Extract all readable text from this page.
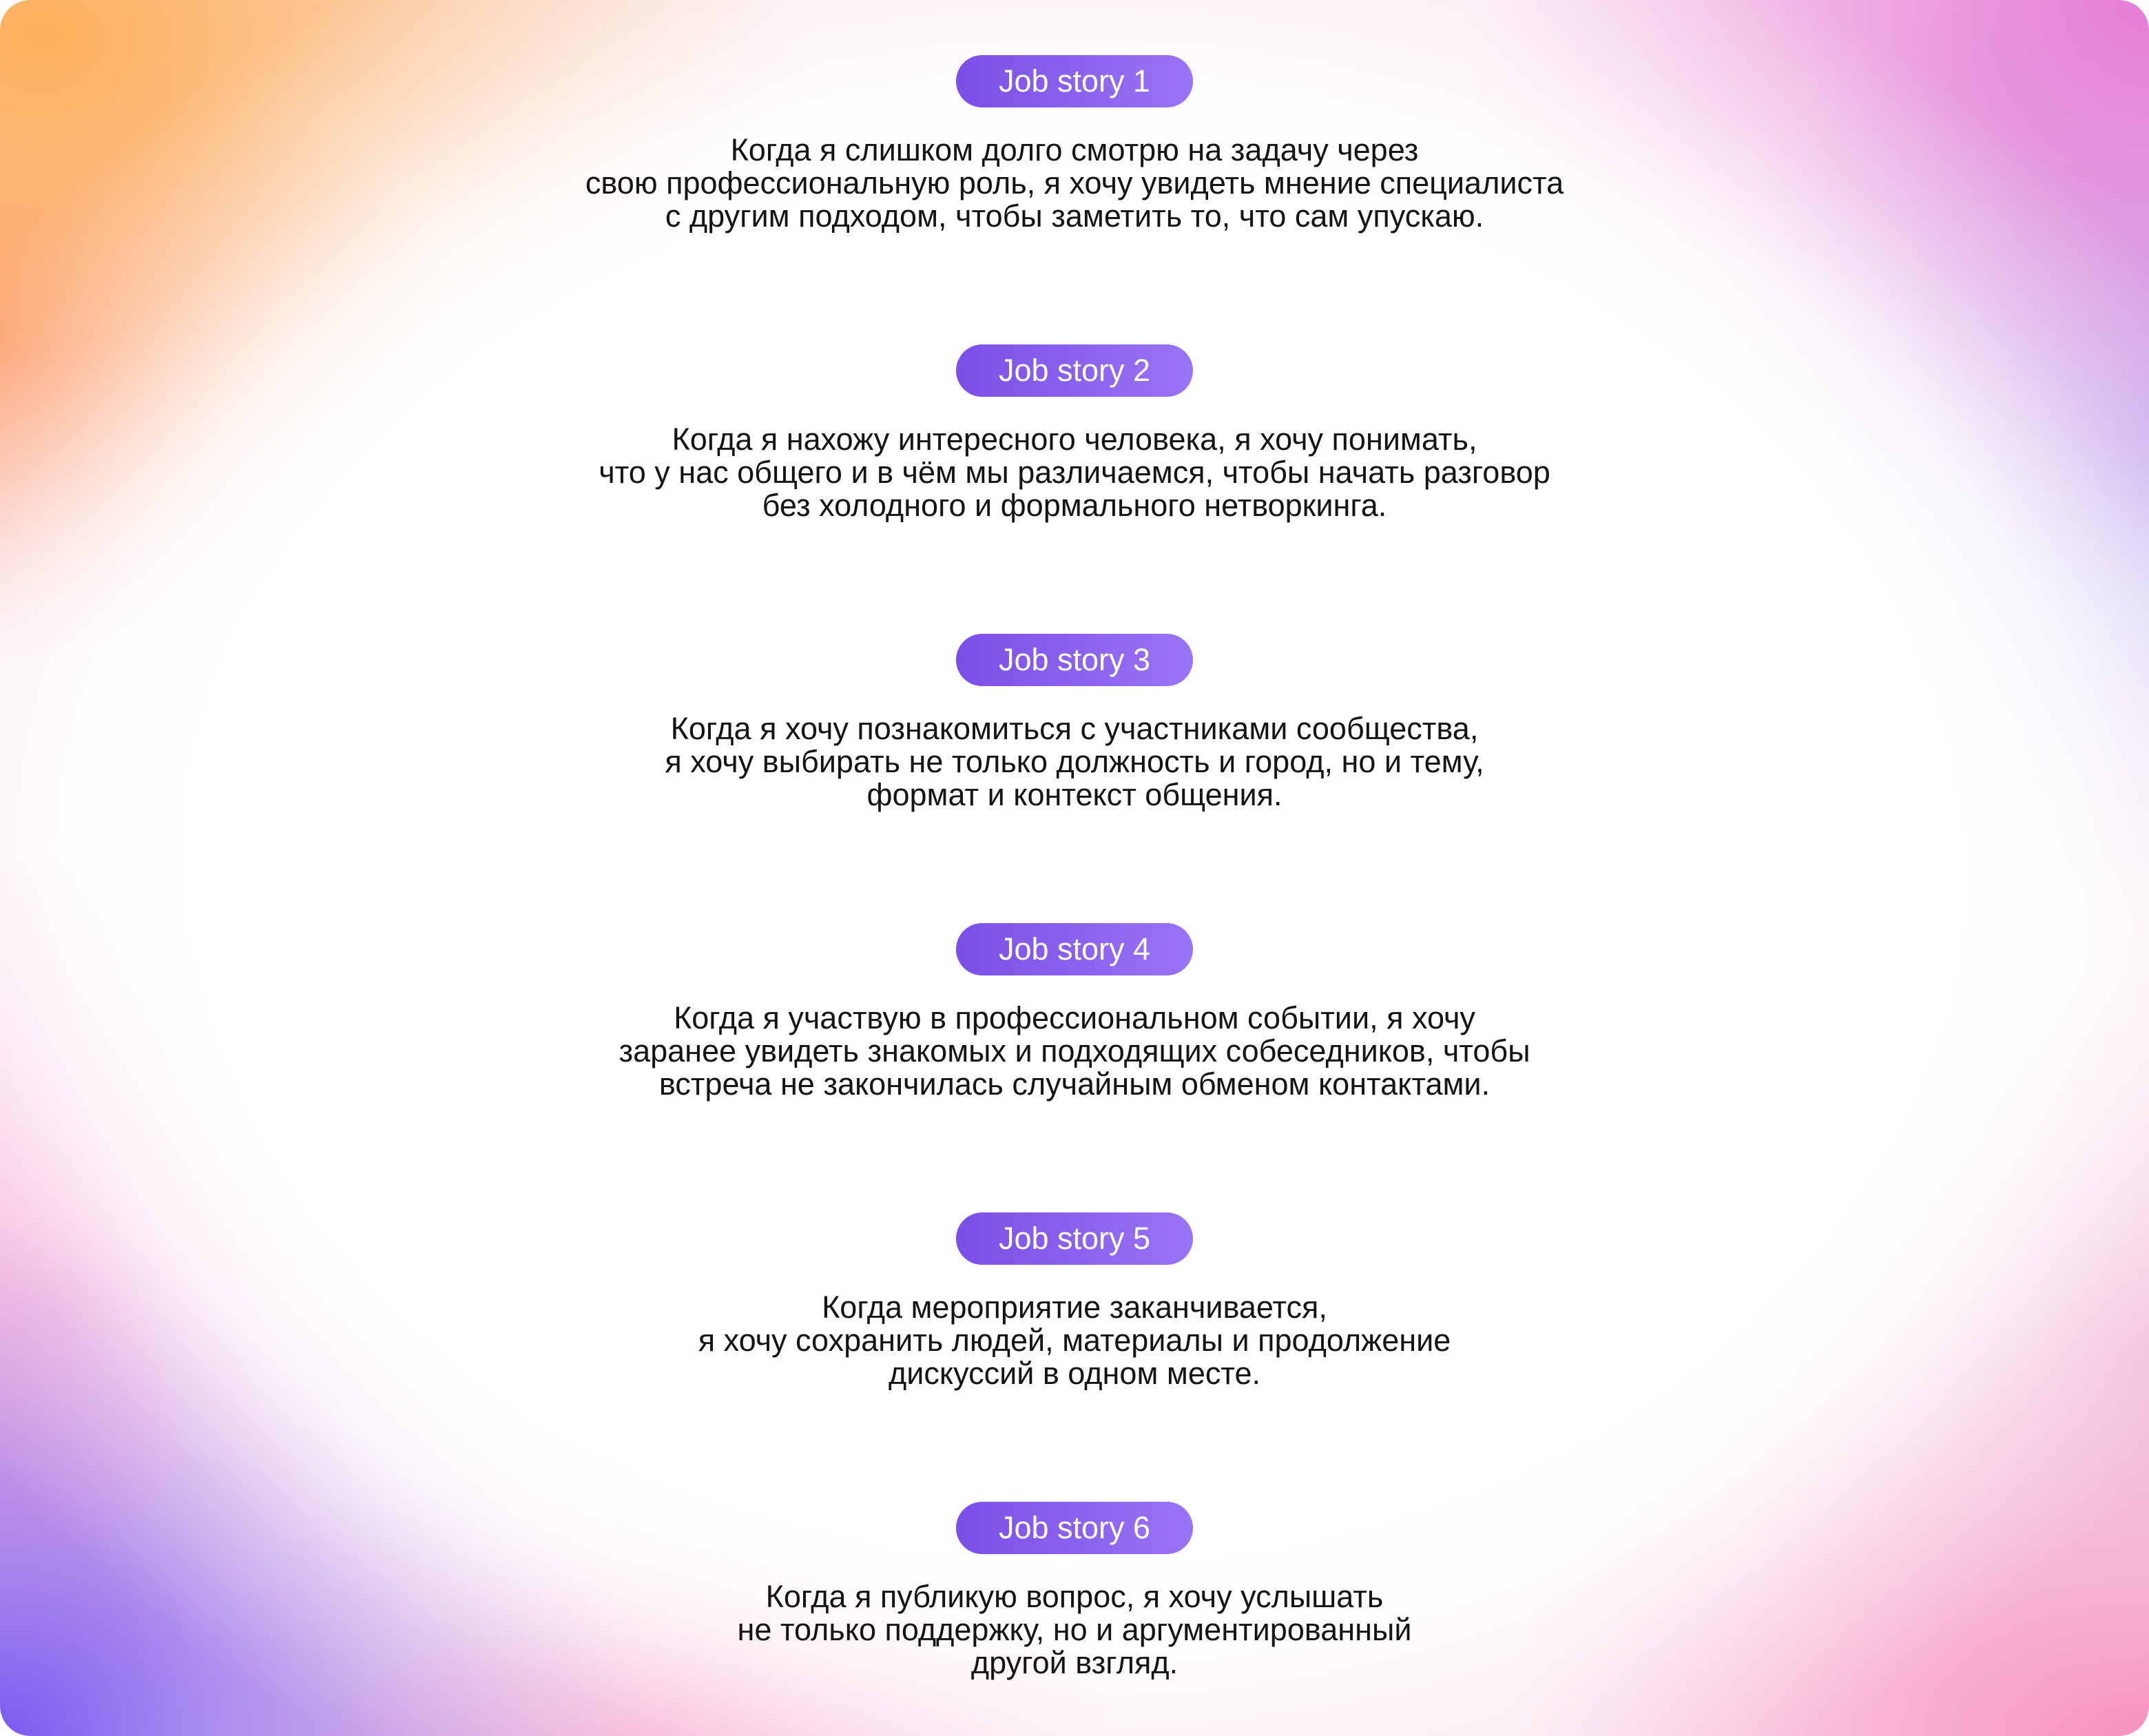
Job story 1
Когда я слишком долго смотрю на задачу через
свою профессиональную роль, я хочу увидеть мнение специалиста
с другим подходом, чтобы заметить то, что сам упускаю.
Job story 2
Когда я нахожу интересного человека, я хочу понимать,
что у нас общего и в чём мы различаемся, чтобы начать разговор
без холодного и формального нетворкинга.
Job story 3
Когда я хочу познакомиться с участниками сообщества,
я хочу выбирать не только должность и город, но и тему,
формат и контекст общения.
Job story 4
Когда я участвую в профессиональном событии, я хочу
заранее увидеть знакомых и подходящих собеседников, чтобы
встреча не закончилась случайным обменом контактами.
Job story 5
Когда мероприятие заканчивается,
я хочу сохранить людей, материалы и продолжение
дискуссий в одном месте.
Job story 6
Когда я публикую вопрос, я хочу услышать
не только поддержку, но и аргументированный
другой взгляд.
